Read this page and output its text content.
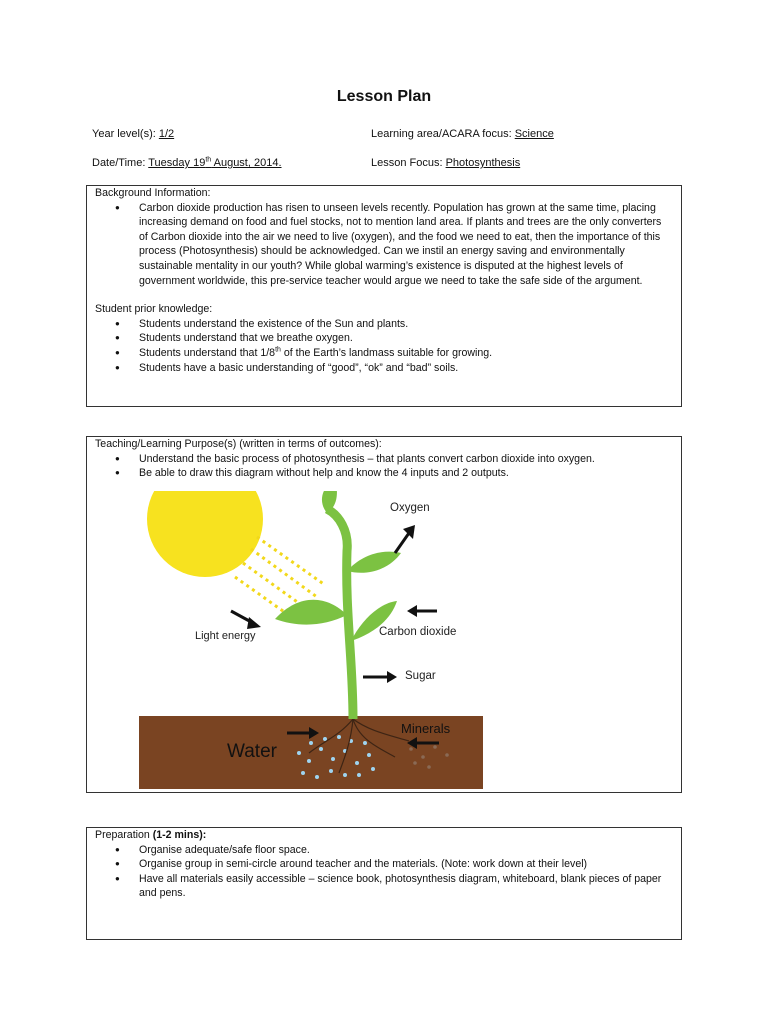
Lesson Plan
Year level(s): 1/2	Learning area/ACARA focus: Science
Date/Time: Tuesday 19th August, 2014.	Lesson Focus: Photosynthesis

Background Information:

● Carbon dioxide production has risen to unseen levels recently. Population has grown at the same time, placing increasing demand on food and fuel stocks, not to mention land area. If plants and trees are the only converters of Carbon dioxide into the air we need to live (oxygen), and the food we need to eat, then the importance of this process (Photosynthesis) should be acknowledged. Can we instil an energy saving and environmentally sustainable mentality in our youth? While global warming’s existence is disputed at the highest levels of government worldwide, this pre-service teacher would argue we need to take the safe side of the argument.

Student prior knowledge:

● Students understand the existence of the Sun and plants.
● Students understand that we breathe oxygen.
● Students understand that 1/8th of the Earth’s landmass suitable for growing.
● Students have a basic understanding of “good”, “ok” and “bad” soils.

Teaching/Learning Purpose(s) (written in terms of outcomes):

● Understand the basic process of photosynthesis – that plants convert carbon dioxide into oxygen.
● Be able to draw this diagram without help and know the 4 inputs and 2 outputs.
Oxygen
Light energy	Carbon dioxide
Sugar
Minerals
Water

Preparation (1-2 mins):

● Organise adequate/safe floor space.
● Organise group in semi-circle around teacher and the materials. (Note: work down at their level)
● Have all materials easily accessible – science book, photosynthesis diagram, whiteboard, blank pieces of paper and pens.
